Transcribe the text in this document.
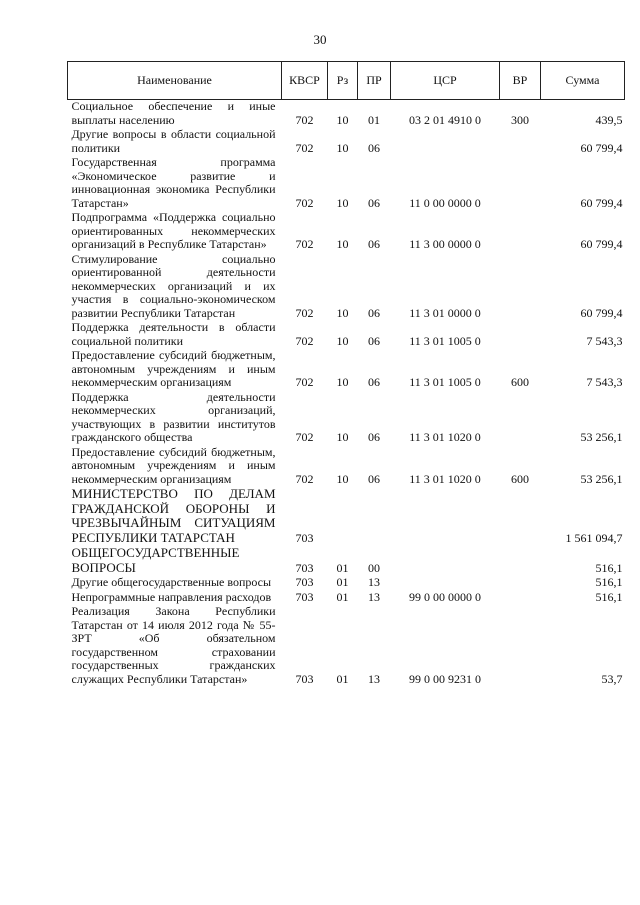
30
Наименование	КВСР	Рз	ПР	ЦСР	ВР	Сумма
Социальное обеспечение и иные выплаты населению	702	10	01	03 2 01 4910 0	300	439,5
Другие вопросы в области социальной политики	702	10	06			60 799,4
Государственная программа «Экономическое развитие и инновационная экономика Республики Татарстан»	702	10	06	11 0 00 0000 0		60 799,4
Подпрограмма «Поддержка социально ориентированных некоммерческих организаций в Республике Татарстан»	702	10	06	11 3 00 0000 0		60 799,4
Стимулирование социально ориентированной деятельности некоммерческих организаций и их участия в социально-экономическом развитии Республики Татарстан	702	10	06	11 3 01 0000 0		60 799,4
Поддержка деятельности в области социальной политики	702	10	06	11 3 01 1005 0		7 543,3
Предоставление субсидий бюджетным, автономным учреждениям и иным некоммерческим организациям	702	10	06	11 3 01 1005 0	600	7 543,3
Поддержка деятельности некоммерческих организаций, участвующих в развитии институтов гражданского общества	702	10	06	11 3 01 1020 0		53 256,1
Предоставление субсидий бюджетным, автономным учреждениям и иным некоммерческим организациям	702	10	06	11 3 01 1020 0	600	53 256,1
МИНИСТЕРСТВО ПО ДЕЛАМ ГРАЖДАНСКОЙ ОБОРОНЫ И ЧРЕЗВЫЧАЙНЫМ СИТУАЦИЯМ РЕСПУБЛИКИ ТАТАРСТАН	703					1 561 094,7
ОБЩЕГОСУДАРСТВЕННЫЕ ВОПРОСЫ	703	01	00			516,1
Другие общегосударственные вопросы	703	01	13			516,1
Непрограммные направления расходов	703	01	13	99 0 00 0000 0		516,1
Реализация Закона Республики Татарстан от 14 июля 2012 года № 55-ЗРТ «Об обязательном государственном страховании государственных гражданских служащих Республики Татарстан»	703	01	13	99 0 00 9231 0		53,7
